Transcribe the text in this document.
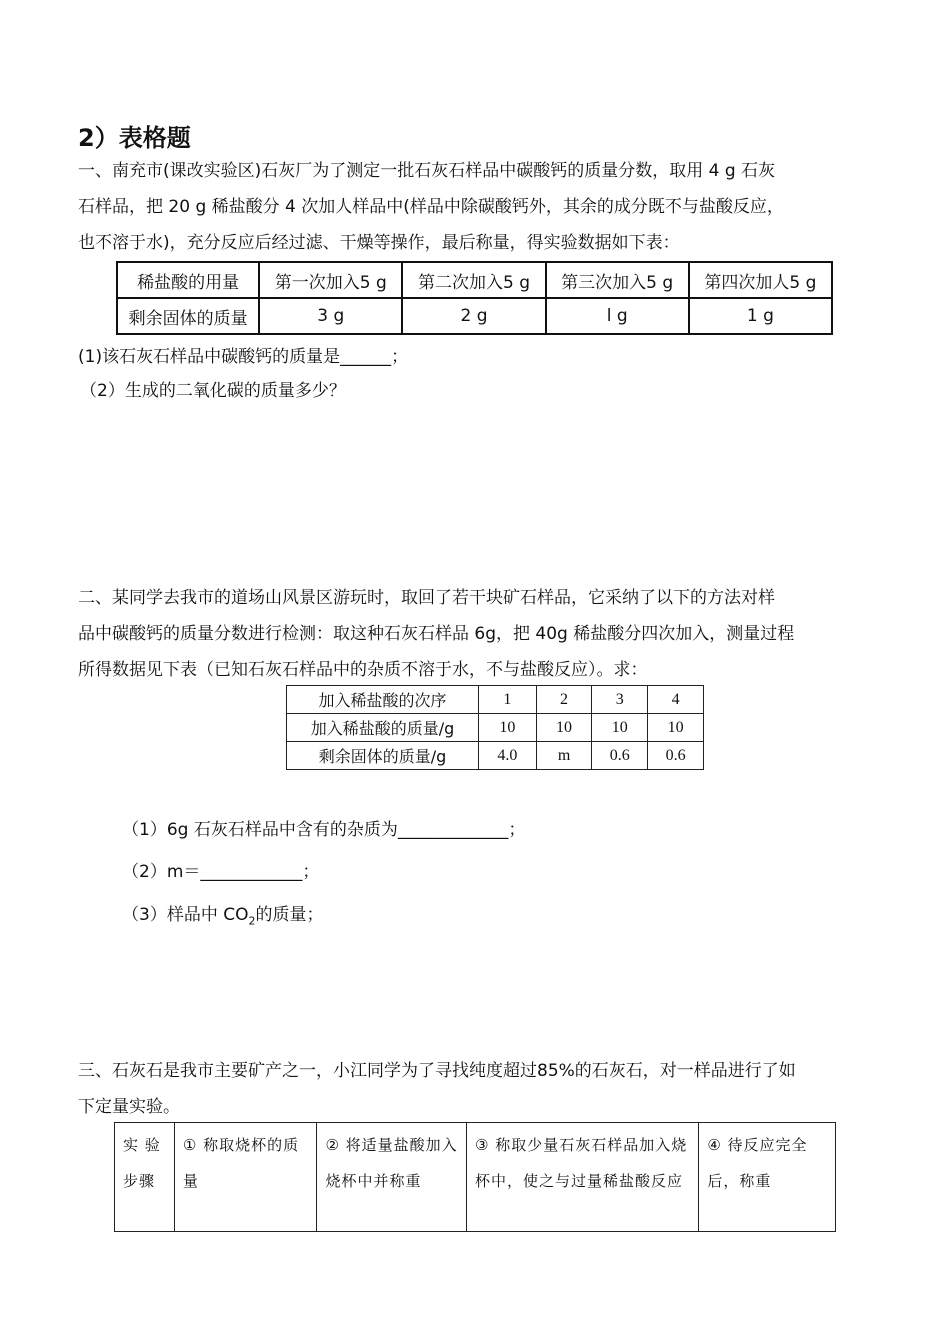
2）表格题
一、南充市(课改实验区)石灰厂为了测定一批石灰石样品中碳酸钙的质量分数，取用 4 g 石灰
石样品，把 20 g 稀盐酸分 4 次加人样品中(样品中除碳酸钙外，其余的成分既不与盐酸反应，
也不溶于水)，充分反应后经过滤、干燥等操作，最后称量，得实验数据如下表：
稀盐酸的用量	第一次加入5 g	第二次加入5 g	第三次加入5 g	第四次加人5 g
剩余固体的质量	3 g	2 g	l g	1 g
(1)该石灰石样品中碳酸钙的质量是______；
（2）生成的二氧化碳的质量多少？
二、某同学去我市的道场山风景区游玩时，取回了若干块矿石样品，它采纳了以下的方法对样
品中碳酸钙的质量分数进行检测：取这种石灰石样品 6g，把 40g 稀盐酸分四次加入，测量过程
所得数据见下表（已知石灰石样品中的杂质不溶于水，不与盐酸反应）。求：
加入稀盐酸的次序	1	2	3	4
加入稀盐酸的质量/g	10	10	10	10
剩余固体的质量/g	4.0	m	0.6	0.6
（1）6g 石灰石样品中含有的杂质为_____________；
（2）m＝____________；
（3）样品中 $CO_2$的质量；
三、石灰石是我市主要矿产之一，小江同学为了寻找纯度超过85%的石灰石，对一样品进行了如
下定量实验。
实 验 步骤	① 称取烧杯的质量	② 将适量盐酸加入烧杯中并称重	③ 称取少量石灰石样品加入烧杯中，使之与过量稀盐酸反应	④ 待反应完全后，称重
